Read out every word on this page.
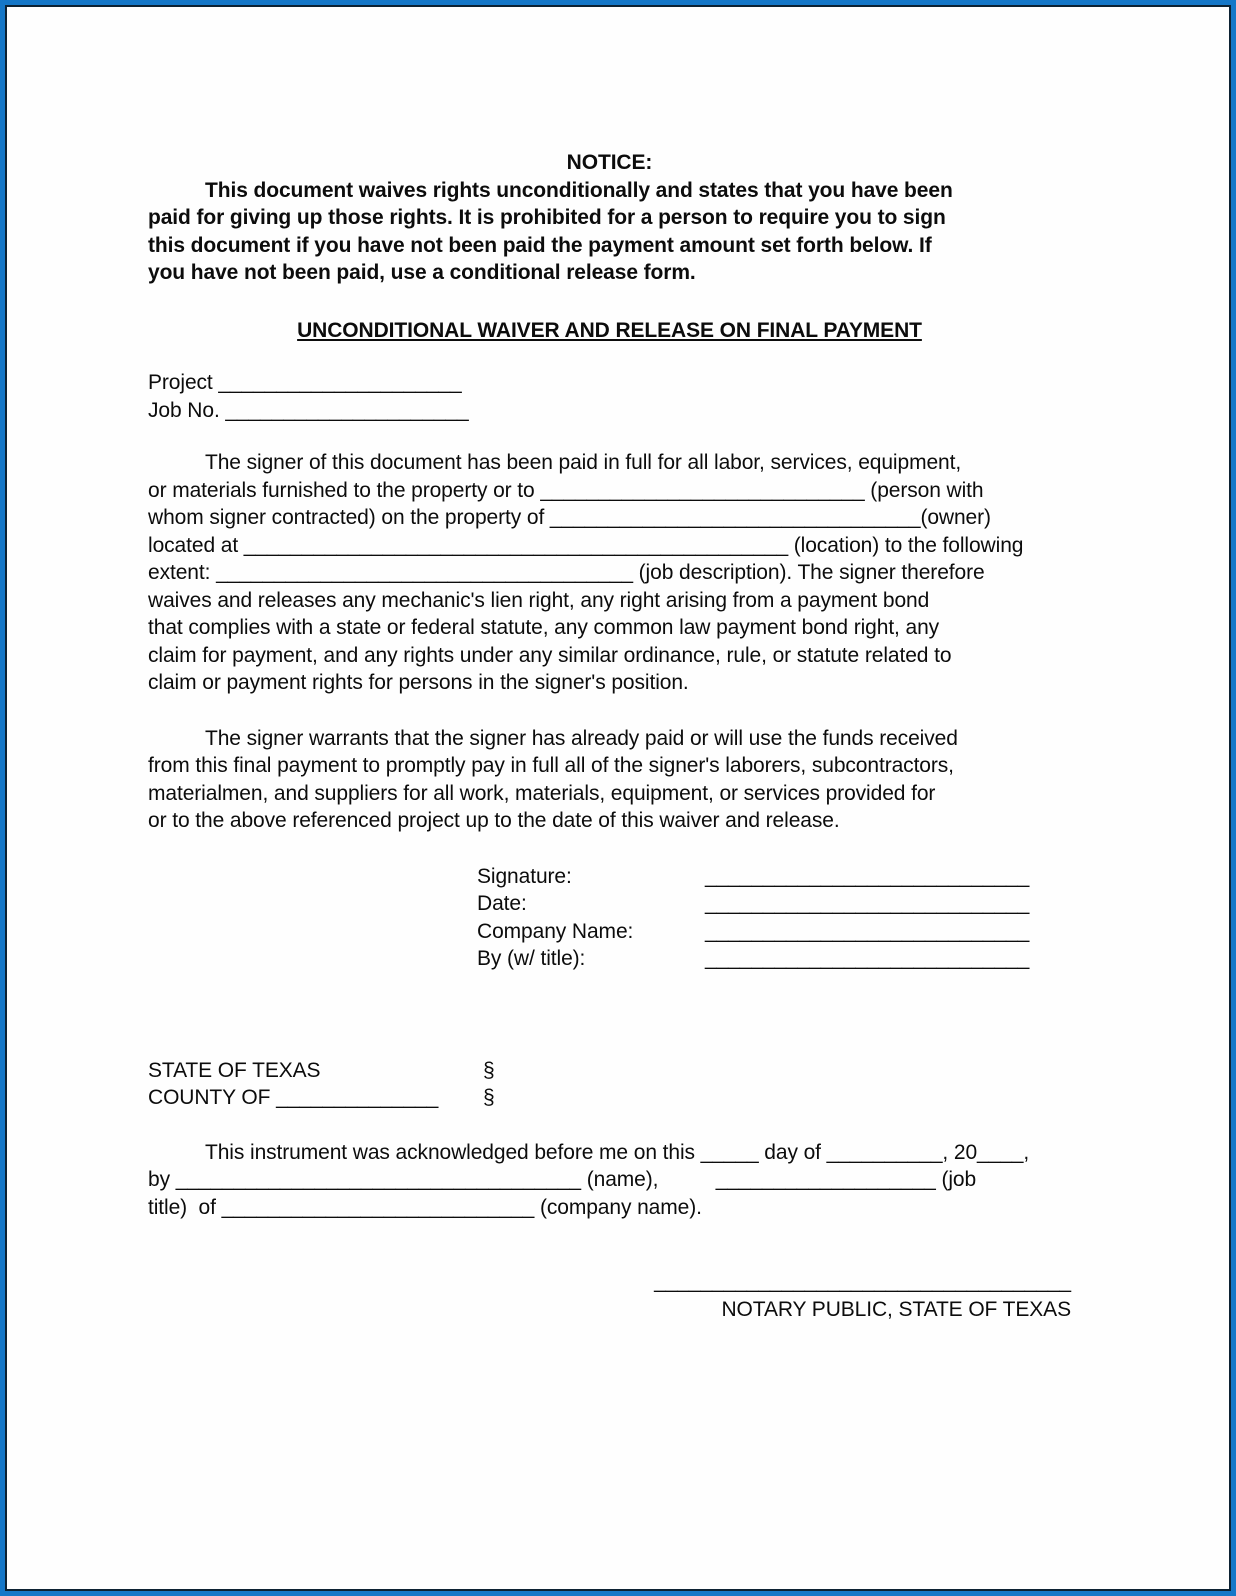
NOTICE:
This document waives rights unconditionally and states that you have been
paid for giving up those rights. It is prohibited for a person to require you to sign
this document if you have not been paid the payment amount set forth below. If
you have not been paid, use a conditional release form.
UNCONDITIONAL WAIVER AND RELEASE ON FINAL PAYMENT
Project _____________________
Job No. _____________________
The signer of this document has been paid in full for all labor, services, equipment,
or materials furnished to the property or to ____________________________ (person with
whom signer contracted) on the property of ________________________________(owner)
located at _______________________________________________ (location) to the following
extent: ____________________________________ (job description). The signer therefore
waives and releases any mechanic's lien right, any right arising from a payment bond
that complies with a state or federal statute, any common law payment bond right, any
claim for payment, and any rights under any similar ordinance, rule, or statute related to
claim or payment rights for persons in the signer's position.
The signer warrants that the signer has already paid or will use the funds received
from this final payment to promptly pay in full all of the signer's laborers, subcontractors,
materialmen, and suppliers for all work, materials, equipment, or services provided for
or to the above referenced project up to the date of this waiver and release.
Signature:	____________________________
Date:	____________________________
Company Name:	____________________________
By (w/ title):	____________________________
STATE OF TEXAS	§
COUNTY OF ______________	§
This instrument was acknowledged before me on this _____ day of __________, 20____,
by ___________________________________ (name),          ___________________ (job
title)  of ___________________________ (company name).
____________________________________
NOTARY PUBLIC, STATE OF TEXAS
